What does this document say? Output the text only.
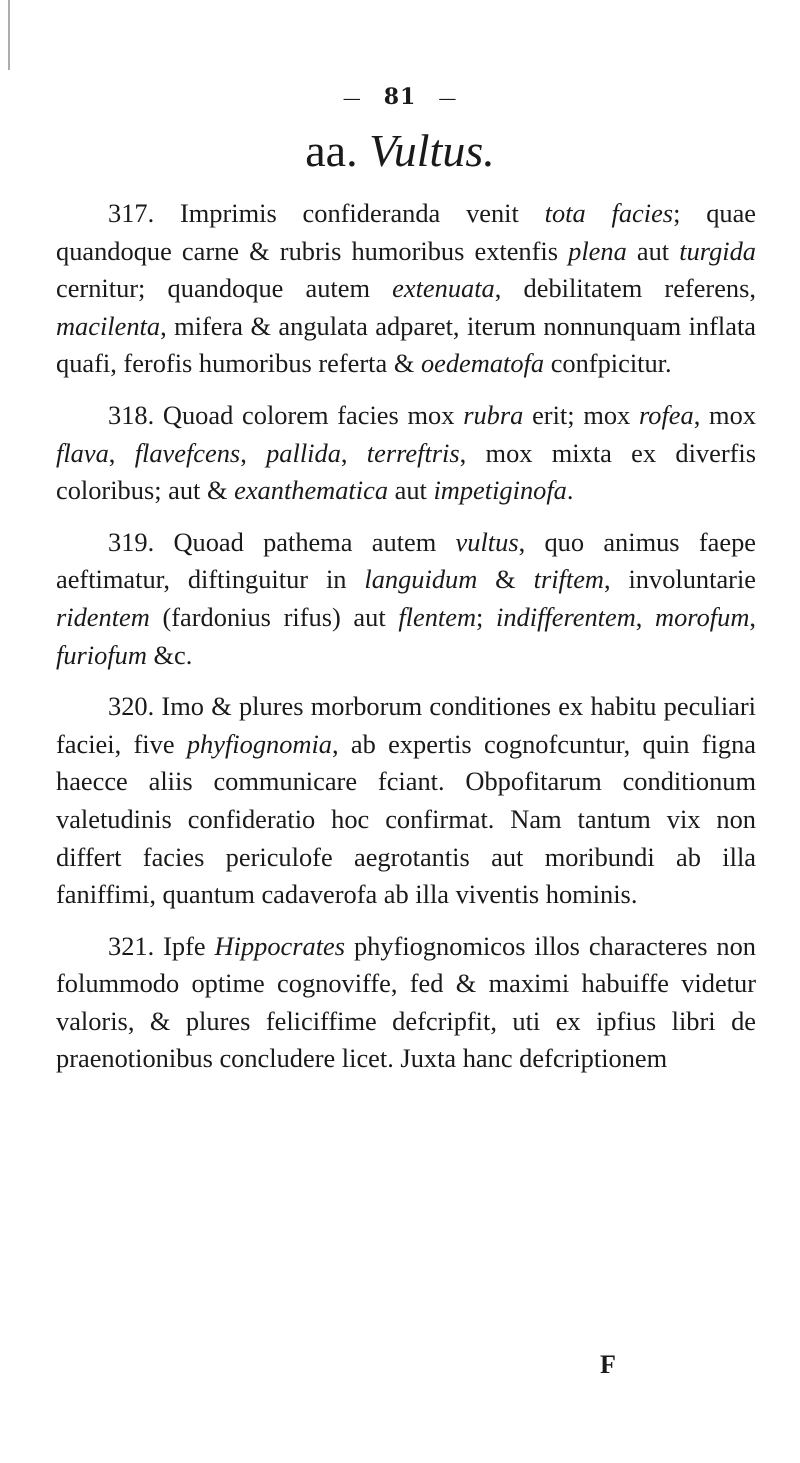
— 81 —
aa. Vultus.

317. Imprimis confideranda venit tota facies; quae quandoque carne & rubris humoribus extenfis plena aut turgida cernitur; quandoque autem extenuata, debilitatem referens, macilenta, mifera & angulata adparet, iterum nonnunquam inflata quafi, ferofis humoribus referta & oedematofa confpicitur.

318. Quoad colorem facies mox rubra erit; mox rofea, mox flava, flavefcens, pallida, terreftris, mox mixta ex diverfis coloribus; aut & exanthematica aut impetiginofa.

319. Quoad pathema autem vultus, quo animus faepe aeftimatur, diftinguitur in languidum & triftem, involuntarie ridentem (fardonius rifus) aut flentem; indifferentem, morofum, furiofum &c.

320. Imo & plures morborum conditiones ex habitu peculiari faciei, five phyfiognomia, ab expertis cognofcuntur, quin figna haecce aliis communicare fciant. Obpofitarum conditionum valetudinis confideratio hoc confirmat. Nam tantum vix non differt facies periculofe aegrotantis aut moribundi ab illa faniffimi, quantum cadaverofa ab illa viventis hominis.

321. Ipfe Hippocrates phyfiognomicos illos characteres non folummodo optime cognoviffe, fed & maximi habuiffe videtur valoris, & plures feliciffime defcripfit, uti ex ipfius libri de praenotionibus concludere licet. Juxta hanc defcriptionem

F
